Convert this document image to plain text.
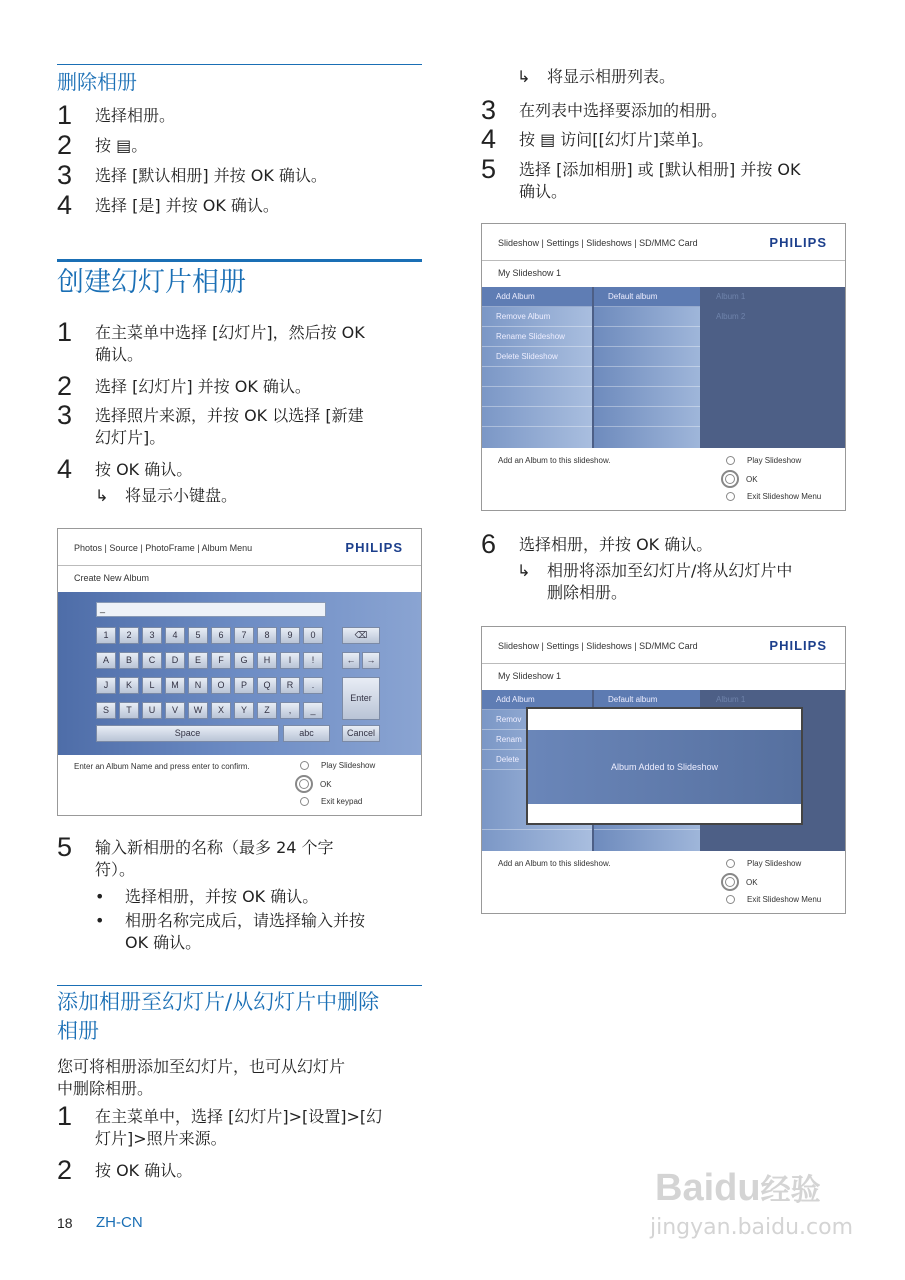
删除相册
1	选择相册。
2	按 ▤。
3	选择 [默认相册] 并按 OK 确认。
4	选择 [是] 并按 OK 确认。
创建幻灯片相册
1	在主菜单中选择 [幻灯片]，然后按 OK
确认。
2	选择 [幻灯片] 并按 OK 确认。
3	选择照片来源，并按 OK 以选择 [新建
幻灯片]。
4	按 OK 确认。
↳	将显示小键盘。
Photos | Source | PhotoFrame | Album Menu	PHILIPS
Create New Album
_
1	2	3	4	5	6	7	8	9	0
A	B	C	D	E	F	G	H	I	!
J	K	L	M	N	O	P	Q	R	.
S	T	U	V	W	X	Y	Z	,	_
⌫
←	→
Enter
Space	abc	Cancel
Enter an Album Name and press enter to confirm.	Play Slideshow
OK
Exit keypad
5	输入新相册的名称（最多 24 个字
符）。
•	选择相册，并按 OK 确认。
•	相册名称完成后，请选择输入并按
OK 确认。
添加相册至幻灯片/从幻灯片中删除
相册
您可将相册添加至幻灯片，也可从幻灯片
中删除相册。
1	在主菜单中，选择 [幻灯片]>[设置]>[幻
灯片]>照片来源。
2	按 OK 确认。
18 ZH-CN
↳	将显示相册列表。
3	在列表中选择要添加的相册。
4	按 ▤ 访问[[幻灯片]菜单]。
5	选择 [添加相册] 或 [默认相册] 并按 OK
确认。
Slideshow | Settings | Slideshows | SD/MMC Card	PHILIPS
My Slideshow 1
Add Album
Remove Album
Rename Slideshow
Delete Slideshow
Default album	Album 1
Album 2
Add an Album to this slideshow.	Play Slideshow
OK
Exit Slideshow Menu
6	选择相册，并按 OK 确认。
↳	相册将添加至幻灯片/将从幻灯片中
删除相册。
Slideshow | Settings | Slideshows | SD/MMC Card	PHILIPS
My Slideshow 1
Add Album
Remov
Renam
Delete
Default album	Album 1
Album Added to Slideshow
Add an Album to this slideshow.	Play Slideshow
OK
Exit Slideshow Menu
Baidu经验
jingyan.baidu.com
